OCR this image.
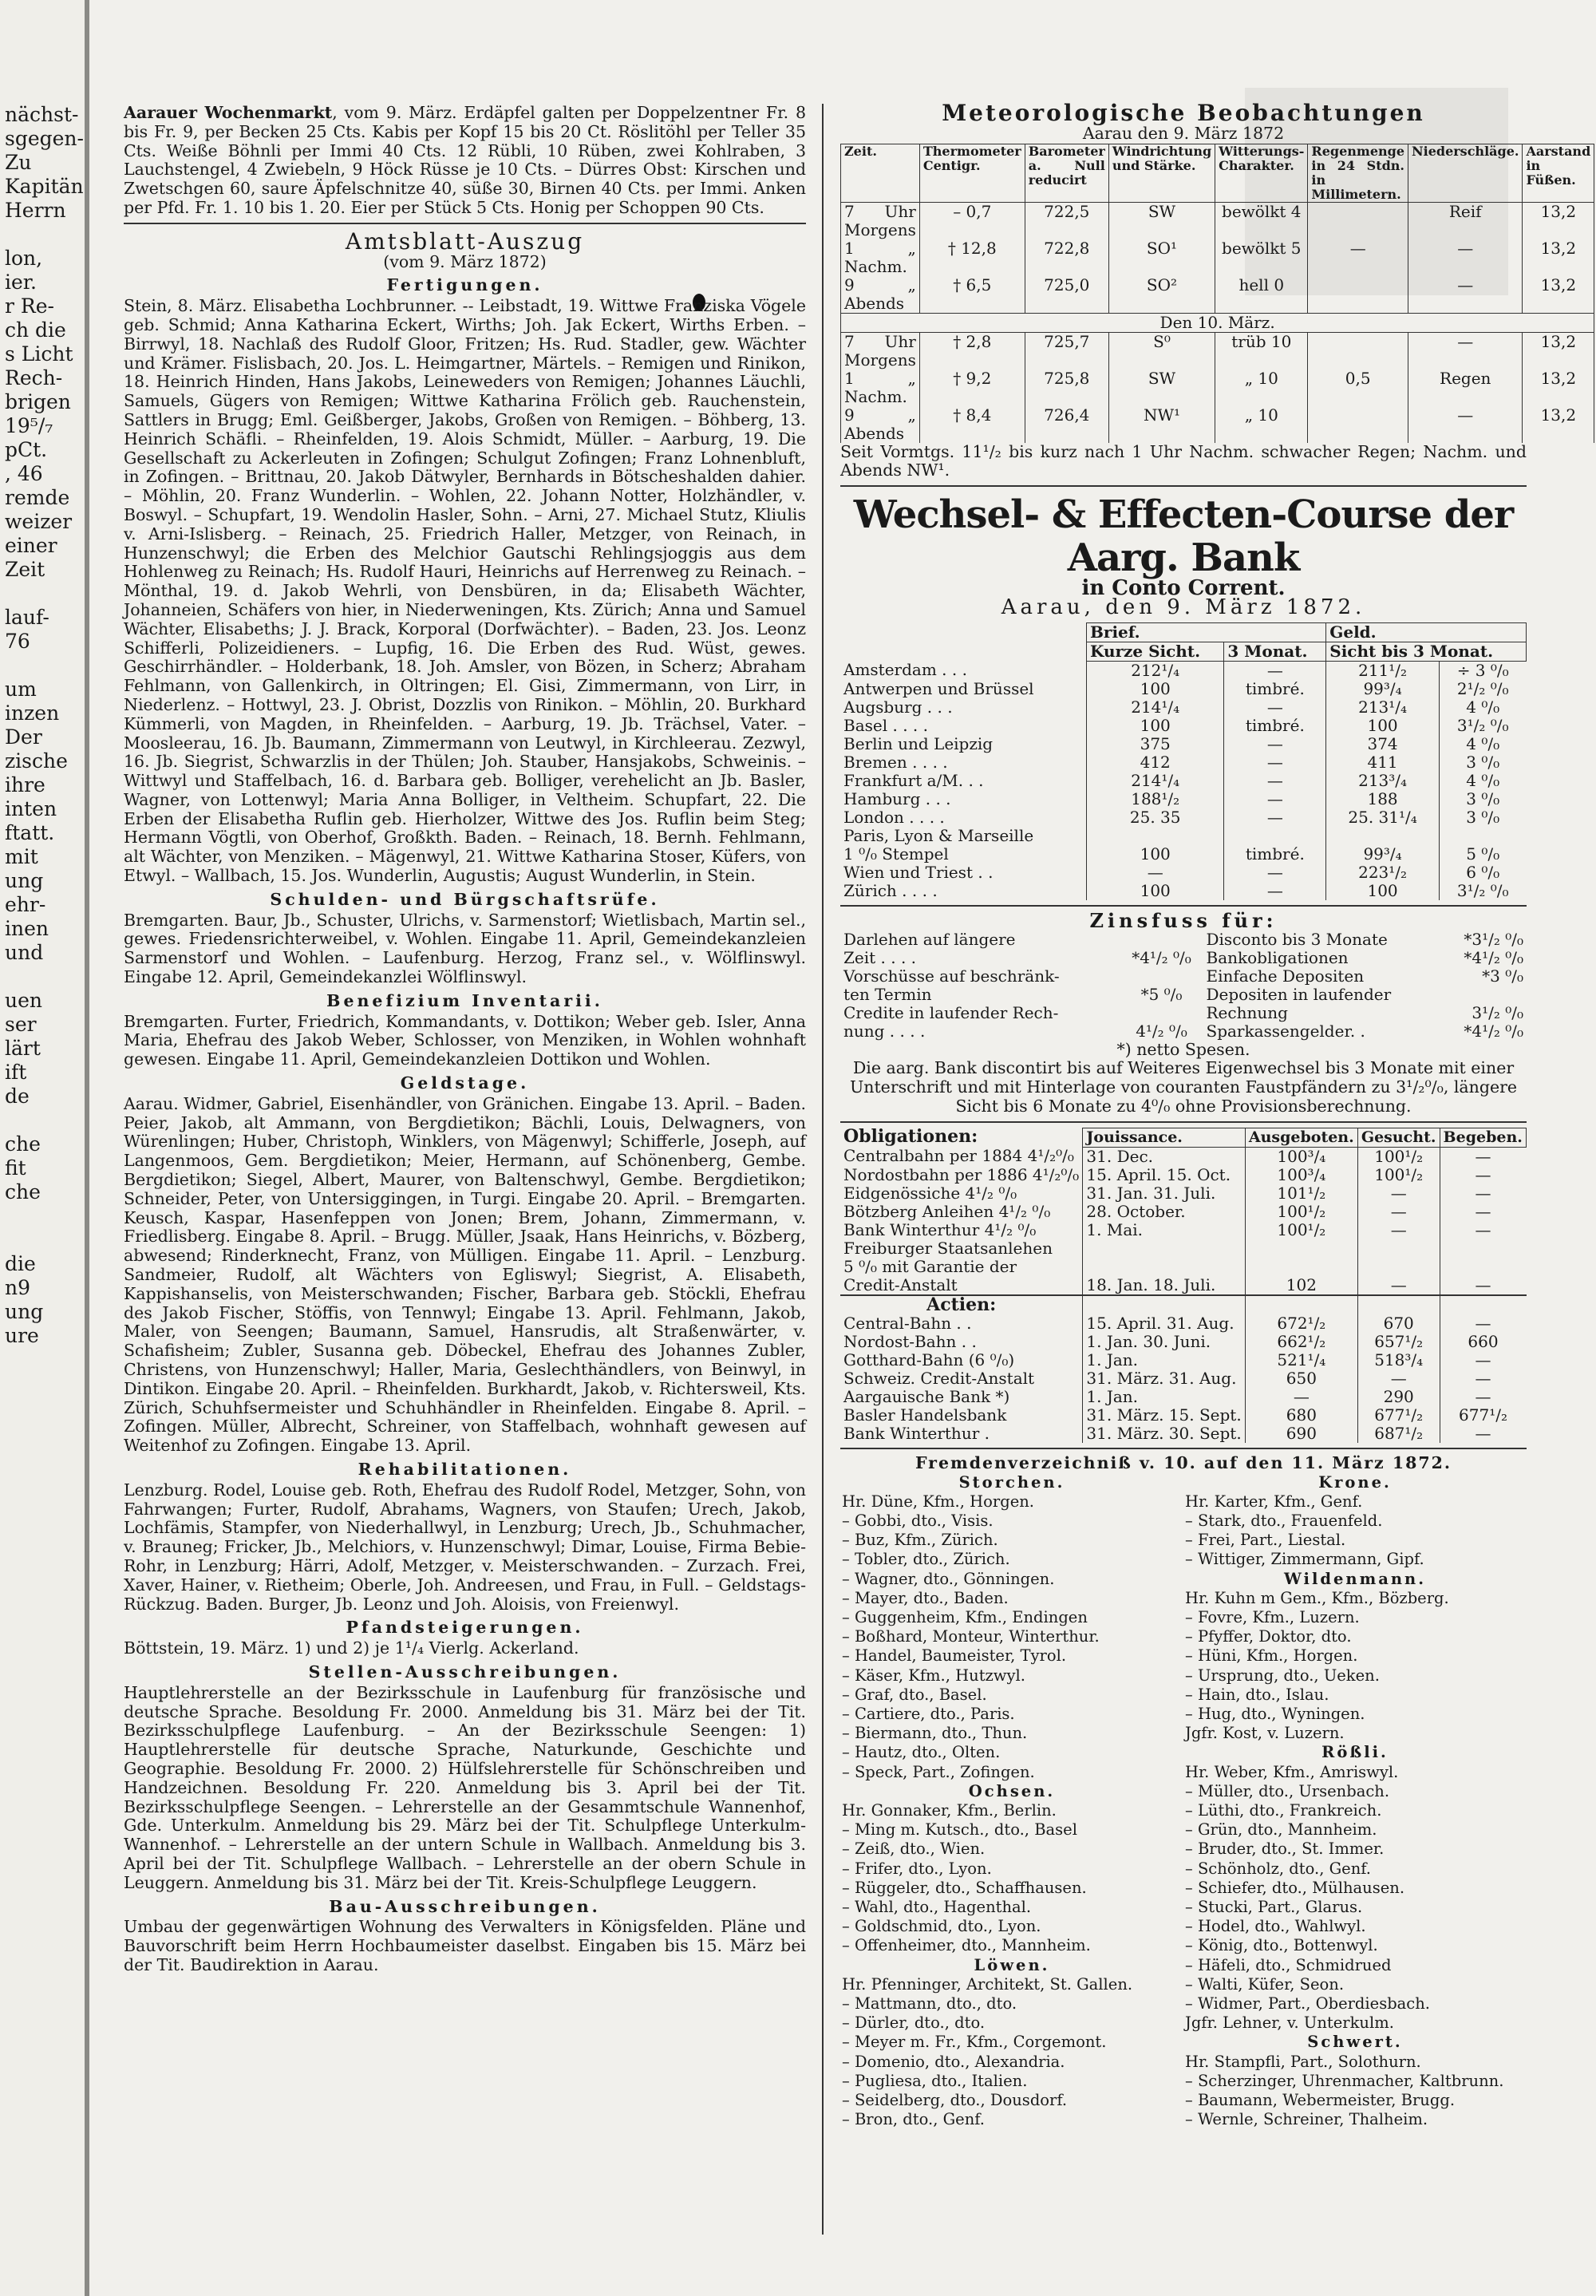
nächst-
sgegen-
Zu
Kapitän
Herrn
lon,
ier.
r Re-
ch die
s Licht
Rech-
brigen
19⁵/₇
pCt.
, 46
remde
weizer
einer
Zeit
lauf-
76
um
inzen
Der
zische
ihre
inten
ftatt.
mit
ung
ehr-
inen
und
uen
ser
lärt
ift
de
che
fit
che
die
n9
ung
ure

Aarauer Wochenmarkt, vom 9. März. Erdäpfel galten per Doppelzentner Fr. 8 bis Fr. 9, per Becken 25 Cts. Kabis per Kopf 15 bis 20 Ct. Röslitöhl per Teller 35 Cts. Weiße Böhnli per Immi 40 Cts. 12 Rübli, 10 Rüben, zwei Kohlraben, 3 Lauchstengel, 4 Zwiebeln, 9 Höck Rüsse je 10 Cts. – Dürres Obst: Kirschen und Zwetschgen 60, saure Äpfelschnitze 40, süße 30, Birnen 40 Cts. per Immi. Anken per Pfd. Fr. 1. 10 bis 1. 20. Eier per Stück 5 Cts. Honig per Schoppen 90 Cts.

Amtsblatt-Auszug
(vom 9. März 1872)
Fertigungen.

Stein, 8. März. Elisabetha Lochbrunner. -- Leibstadt, 19. Wittwe Franziska Vögele geb. Schmid; Anna Katharina Eckert, Wirths; Joh. Jak Eckert, Wirths Erben. – Birrwyl, 18. Nachlaß des Rudolf Gloor, Fritzen; Hs. Rud. Stadler, gew. Wächter und Krämer. Fislisbach, 20. Jos. L. Heimgartner, Märtels. – Remigen und Rinikon, 18. Heinrich Hinden, Hans Jakobs, Leineweders von Remigen; Johannes Läuchli, Samuels, Gügers von Remigen; Wittwe Katharina Frölich geb. Rauchenstein, Sattlers in Brugg; Eml. Geißberger, Jakobs, Großen von Remigen. – Böhberg, 13. Heinrich Schäfli. – Rheinfelden, 19. Alois Schmidt, Müller. – Aarburg, 19. Die Gesellschaft zu Ackerleuten in Zofingen; Schulgut Zofingen; Franz Lohnenbluft, in Zofingen. – Brittnau, 20. Jakob Dätwyler, Bernhards in Bötscheshalden dahier. – Möhlin, 20. Franz Wunderlin. – Wohlen, 22. Johann Notter, Holzhändler, v. Boswyl. – Schupfart, 19. Wendolin Hasler, Sohn. – Arni, 27. Michael Stutz, Kliulis v. Arni-Islisberg. – Reinach, 25. Friedrich Haller, Metzger, von Reinach, in Hunzenschwyl; die Erben des Melchior Gautschi Rehlingsjoggis aus dem Hohlenweg zu Reinach; Hs. Rudolf Hauri, Heinrichs auf Herrenweg zu Reinach. – Mönthal, 19. d. Jakob Wehrli, von Densbüren, in da; Elisabeth Wächter, Johanneien, Schäfers von hier, in Niederweningen, Kts. Zürich; Anna und Samuel Wächter, Elisabeths; J. J. Brack, Korporal (Dorfwächter). – Baden, 23. Jos. Leonz Schifferli, Polizeidieners. – Lupfig, 16. Die Erben des Rud. Wüst, gewes. Geschirrhändler. – Holderbank, 18. Joh. Amsler, von Bözen, in Scherz; Abraham Fehlmann, von Gallenkirch, in Oltringen; El. Gisi, Zimmermann, von Lirr, in Niederlenz. – Hottwyl, 23. J. Obrist, Dozzlis von Rinikon. – Möhlin, 20. Burkhard Kümmerli, von Magden, in Rheinfelden. – Aarburg, 19. Jb. Trächsel, Vater. – Moosleerau, 16. Jb. Baumann, Zimmermann von Leutwyl, in Kirchleerau. Zezwyl, 16. Jb. Siegrist, Schwarzlis in der Thülen; Joh. Stauber, Hansjakobs, Schweinis. – Wittwyl und Staffelbach, 16. d. Barbara geb. Bolliger, verehelicht an Jb. Basler, Wagner, von Lottenwyl; Maria Anna Bolliger, in Veltheim. Schupfart, 22. Die Erben der Elisabetha Ruflin geb. Hierholzer, Wittwe des Jos. Ruflin beim Steg; Hermann Vögtli, von Oberhof, Großkth. Baden. – Reinach, 18. Bernh. Fehlmann, alt Wächter, von Menziken. – Mägenwyl, 21. Wittwe Katharina Stoser, Küfers, von Etwyl. – Wallbach, 15. Jos. Wunderlin, Augustis; August Wunderlin, in Stein.

Schulden- und Bürgschaftsrüfe.

Bremgarten. Baur, Jb., Schuster, Ulrichs, v. Sarmenstorf; Wietlisbach, Martin sel., gewes. Friedensrichterweibel, v. Wohlen. Eingabe 11. April, Gemeindekanzleien Sarmenstorf und Wohlen. – Laufenburg. Herzog, Franz sel., v. Wölflinswyl. Eingabe 12. April, Gemeindekanzlei Wölflinswyl.

Benefizium Inventarii.

Bremgarten. Furter, Friedrich, Kommandants, v. Dottikon; Weber geb. Isler, Anna Maria, Ehefrau des Jakob Weber, Schlosser, von Menziken, in Wohlen wohnhaft gewesen. Eingabe 11. April, Gemeindekanzleien Dottikon und Wohlen.

Geldstage.

Aarau. Widmer, Gabriel, Eisenhändler, von Gränichen. Eingabe 13. April. – Baden. Peier, Jakob, alt Ammann, von Bergdietikon; Bächli, Louis, Delwagners, von Würenlingen; Huber, Christoph, Winklers, von Mägenwyl; Schifferle, Joseph, auf Langenmoos, Gem. Bergdietikon; Meier, Hermann, auf Schönenberg, Gembe. Bergdietikon; Siegel, Albert, Maurer, von Baltenschwyl, Gembe. Bergdietikon; Schneider, Peter, von Untersiggingen, in Turgi. Eingabe 20. April. – Bremgarten. Keusch, Kaspar, Hasenfeppen von Jonen; Brem, Johann, Zimmermann, v. Friedlisberg. Eingabe 8. April. – Brugg. Müller, Jsaak, Hans Heinrichs, v. Bözberg, abwesend; Rinderknecht, Franz, von Mülligen. Eingabe 11. April. – Lenzburg. Sandmeier, Rudolf, alt Wächters von Egliswyl; Siegrist, A. Elisabeth, Kappishanselis, von Meisterschwanden; Fischer, Barbara geb. Stöckli, Ehefrau des Jakob Fischer, Stöffis, von Tennwyl; Eingabe 13. April. Fehlmann, Jakob, Maler, von Seengen; Baumann, Samuel, Hansrudis, alt Straßenwärter, v. Schafisheim; Zubler, Susanna geb. Döbeckel, Ehefrau des Johannes Zubler, Christens, von Hunzenschwyl; Haller, Maria, Geslechthändlers, von Beinwyl, in Dintikon. Eingabe 20. April. – Rheinfelden. Burkhardt, Jakob, v. Richtersweil, Kts. Zürich, Schuhfsermeister und Schuhhändler in Rheinfelden. Eingabe 8. April. – Zofingen. Müller, Albrecht, Schreiner, von Staffelbach, wohnhaft gewesen auf Weitenhof zu Zofingen. Eingabe 13. April.

Rehabilitationen.

Lenzburg. Rodel, Louise geb. Roth, Ehefrau des Rudolf Rodel, Metzger, Sohn, von Fahrwangen; Furter, Rudolf, Abrahams, Wagners, von Staufen; Urech, Jakob, Lochfämis, Stampfer, von Niederhallwyl, in Lenzburg; Urech, Jb., Schuhmacher, v. Brauneg; Fricker, Jb., Melchiors, v. Hunzenschwyl; Dimar, Louise, Firma Bebie-Rohr, in Lenzburg; Härri, Adolf, Metzger, v. Meisterschwanden. – Zurzach. Frei, Xaver, Hainer, v. Rietheim; Oberle, Joh. Andreesen, und Frau, in Full. – Geldstags-Rückzug. Baden. Burger, Jb. Leonz und Joh. Aloisis, von Freienwyl.

Pfandsteigerungen.

Böttstein, 19. März. 1) und 2) je 1¹/₄ Vierlg. Ackerland.

Stellen-Ausschreibungen.

Hauptlehrerstelle an der Bezirksschule in Laufenburg für französische und deutsche Sprache. Besoldung Fr. 2000. Anmeldung bis 31. März bei der Tit. Bezirksschulpflege Laufenburg. – An der Bezirksschule Seengen: 1) Hauptlehrerstelle für deutsche Sprache, Naturkunde, Geschichte und Geographie. Besoldung Fr. 2000. 2) Hülfslehrerstelle für Schönschreiben und Handzeichnen. Besoldung Fr. 220. Anmeldung bis 3. April bei der Tit. Bezirksschulpflege Seengen. – Lehrerstelle an der Gesammtschule Wannenhof, Gde. Unterkulm. Anmeldung bis 29. März bei der Tit. Schulpflege Unterkulm-Wannenhof. – Lehrerstelle an der untern Schule in Wallbach. Anmeldung bis 3. April bei der Tit. Schulpflege Wallbach. – Lehrerstelle an der obern Schule in Leuggern. Anmeldung bis 31. März bei der Tit. Kreis-Schulpflege Leuggern.

Bau-Ausschreibungen.

Umbau der gegenwärtigen Wohnung des Verwalters in Königsfelden. Pläne und Bauvorschrift beim Herrn Hochbaumeister daselbst. Eingaben bis 15. März bei der Tit. Baudirektion in Aarau.

Meteorologische Beobachtungen
Aarau den 9. März 1872
Zeit.	Thermometer Centigr.	Barometer a. Null reducirt	Windrichtung und Stärke.	Witterungs-Charakter.	Regenmenge in 24 Stdn. in Millimetern.	Niederschläge.	Aarstand in Füßen.
7 Uhr Morgens	– 0,7	722,5	SW	bewölkt 4		Reif	13,2
1 „ Nachm.	† 12,8	722,8	SO¹	bewölkt 5	—	—	13,2
9 „ Abends	† 6,5	725,0	SO²	hell 0		—	13,2
Den 10. März.							
7 Uhr Morgens	† 2,8	725,7	S⁰	trüb 10		—	13,2
1 „ Nachm.	† 9,2	725,8	SW	„ 10	0,5	Regen	13,2
9 „ Abends	† 8,4	726,4	NW¹	„ 10		—	13,2

Seit Vormtgs. 11¹/₂ bis kurz nach 1 Uhr Nachm. schwacher Regen; Nachm. und Abends NW¹.

Wechsel- & Effecten-Course der Aarg. Bank
in Conto Corrent.
Aarau, den 9. März 1872.
	Brief.		Geld.	
	Kurze Sicht.	3 Monat.	Sicht bis 3 Monat.	
Amsterdam . . .	212¹/₄	—	211¹/₂	÷ 3 ⁰/₀
Antwerpen und Brüssel	100	timbré.	99³/₄	2¹/₂ ⁰/₀
Augsburg . . .	214¹/₄	—	213¹/₄	4 ⁰/₀
Basel . . . .	100	timbré.	100	3¹/₂ ⁰/₀
Berlin und Leipzig	375	—	374	4 ⁰/₀
Bremen . . . .	412	—	411	3 ⁰/₀
Frankfurt a/M. . .	214¹/₄	—	213³/₄	4 ⁰/₀
Hamburg . . .	188¹/₂	—	188	3 ⁰/₀
London . . . .	25. 35	—	25. 31¹/₄	3 ⁰/₀
Paris, Lyon & Marseille				
1 ⁰/₀ Stempel	100	timbré.	99³/₄	5 ⁰/₀
Wien und Triest . .	—	—	223¹/₂	6 ⁰/₀
Zürich . . . .	100	—	100	3¹/₂ ⁰/₀
Zinsfuss für:
Darlehen auf längere		Disconto bis 3 Monate	*3¹/₂ ⁰/₀
Zeit . . . .	*4¹/₂ ⁰/₀	Bankobligationen	*4¹/₂ ⁰/₀
Vorschüsse auf beschränk-		Einfache Depositen	*3 ⁰/₀
ten Termin	*5 ⁰/₀	Depositen in laufender	
Credite in laufender Rech-		Rechnung	3¹/₂ ⁰/₀
nung . . . .	4¹/₂ ⁰/₀	Sparkassengelder. .	*4¹/₂ ⁰/₀
*) netto Spesen.

Die aarg. Bank discontirt bis auf Weiteres Eigenwechsel bis 3 Monate mit einer Unterschrift und mit Hinterlage von couranten Faustpfändern zu 3¹/₂⁰/₀, längere Sicht bis 6 Monate zu 4⁰/₀ ohne Provisionsberechnung.

Obligationen:	Jouissance.	Ausgeboten.	Gesucht.	Begeben.
Centralbahn per 1884 4¹/₂⁰/₀	31. Dec.	100³/₄	100¹/₂	—
Nordostbahn per 1886 4¹/₂⁰/₀	15. April. 15. Oct.	100³/₄	100¹/₂	—
Eidgenössiche 4¹/₂ ⁰/₀	31. Jan. 31. Juli.	101¹/₂	—	—
Bötzberg Anleihen 4¹/₂ ⁰/₀	28. October.	100¹/₂	—	—
Bank Winterthur 4¹/₂ ⁰/₀	1. Mai.	100¹/₂	—	—
Freiburger Staatsanlehen				
5 ⁰/₀ mit Garantie der				
Credit-Anstalt	18. Jan. 18. Juli.	102	—	—
Actien:				
Central-Bahn . .	15. April. 31. Aug.	672¹/₂	670	—
Nordost-Bahn . .	1. Jan. 30. Juni.	662¹/₂	657¹/₂	660
Gotthard-Bahn (6 ⁰/₀)	1. Jan.	521¹/₄	518³/₄	—
Schweiz. Credit-Anstalt	31. März. 31. Aug.	650	—	—
Aargauische Bank *)	1. Jan.	—	290	—
Basler Handelsbank	31. März. 15. Sept.	680	677¹/₂	677¹/₂
Bank Winterthur .	31. März. 30. Sept.	690	687¹/₂	—
Fremdenverzeichniß v. 10. auf den 11. März 1872.
Storchen.
Hr. Düne, Kfm., Horgen.
– Gobbi, dto., Visis.
– Buz, Kfm., Zürich.
– Tobler, dto., Zürich.
– Wagner, dto., Gönningen.
– Mayer, dto., Baden.
– Guggenheim, Kfm., Endingen
– Boßhard, Monteur, Winterthur.
– Handel, Baumeister, Tyrol.
– Käser, Kfm., Hutzwyl.
– Graf, dto., Basel.
– Cartiere, dto., Paris.
– Biermann, dto., Thun.
– Hautz, dto., Olten.
– Speck, Part., Zofingen.
Ochsen.
Hr. Gonnaker, Kfm., Berlin.
– Ming m. Kutsch., dto., Basel
– Zeiß, dto., Wien.
– Frifer, dto., Lyon.
– Rüggeler, dto., Schaffhausen.
– Wahl, dto., Hagenthal.
– Goldschmid, dto., Lyon.
– Offenheimer, dto., Mannheim.
Löwen.
Hr. Pfenninger, Architekt, St. Gallen.
– Mattmann, dto., dto.
– Dürler, dto., dto.
– Meyer m. Fr., Kfm., Corgemont.
– Domenio, dto., Alexandria.
– Pugliesa, dto., Italien.
– Seidelberg, dto., Dousdorf.
– Bron, dto., Genf.

Krone.
Hr. Karter, Kfm., Genf.
– Stark, dto., Frauenfeld.
– Frei, Part., Liestal.
– Wittiger, Zimmermann, Gipf.
Wildenmann.
Hr. Kuhn m Gem., Kfm., Bözberg.
– Fovre, Kfm., Luzern.
– Pfyffer, Doktor, dto.
– Hüni, Kfm., Horgen.
– Ursprung, dto., Ueken.
– Hain, dto., Islau.
– Hug, dto., Wyningen.
Jgfr. Kost, v. Luzern.
Rößli.
Hr. Weber, Kfm., Amriswyl.
– Müller, dto., Ursenbach.
– Lüthi, dto., Frankreich.
– Grün, dto., Mannheim.
– Bruder, dto., St. Immer.
– Schönholz, dto., Genf.
– Schiefer, dto., Mülhausen.
– Stucki, Part., Glarus.
– Hodel, dto., Wahlwyl.
– König, dto., Bottenwyl.
– Häfeli, dto., Schmidrued
– Walti, Küfer, Seon.
– Widmer, Part., Oberdiesbach.
Jgfr. Lehner, v. Unterkulm.
Schwert.
Hr. Stampfli, Part., Solothurn.
– Scherzinger, Uhrenmacher, Kaltbrunn.
– Baumann, Webermeister, Brugg.
– Wernle, Schreiner, Thalheim.
